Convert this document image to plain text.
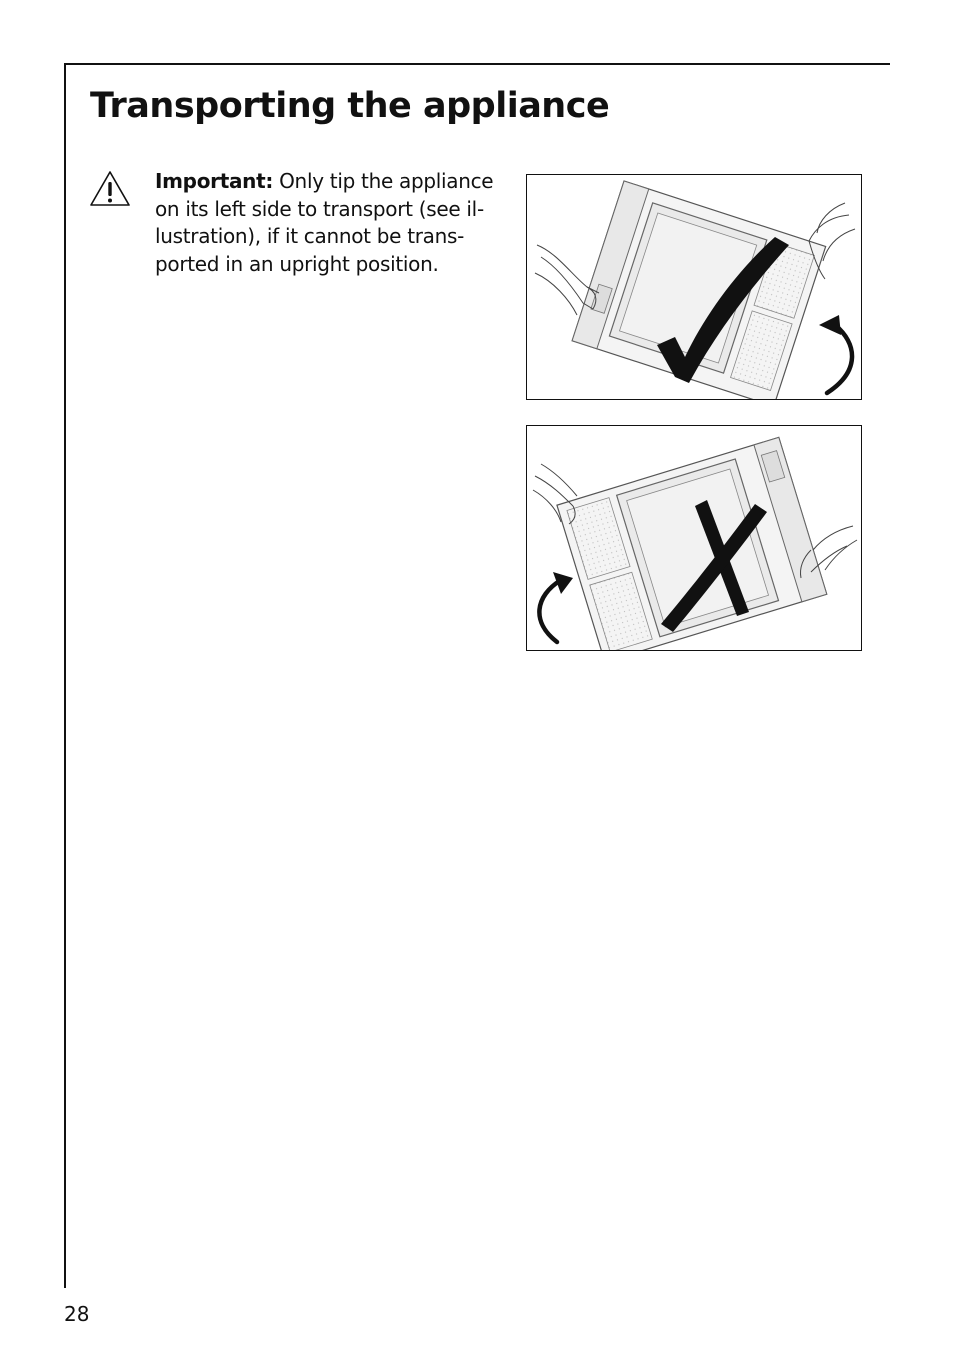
Transporting the appliance
Important: Only tip the appliance
on its left side to transport (see il-
lustration), if it cannot be trans-
ported in an upright position.
28
